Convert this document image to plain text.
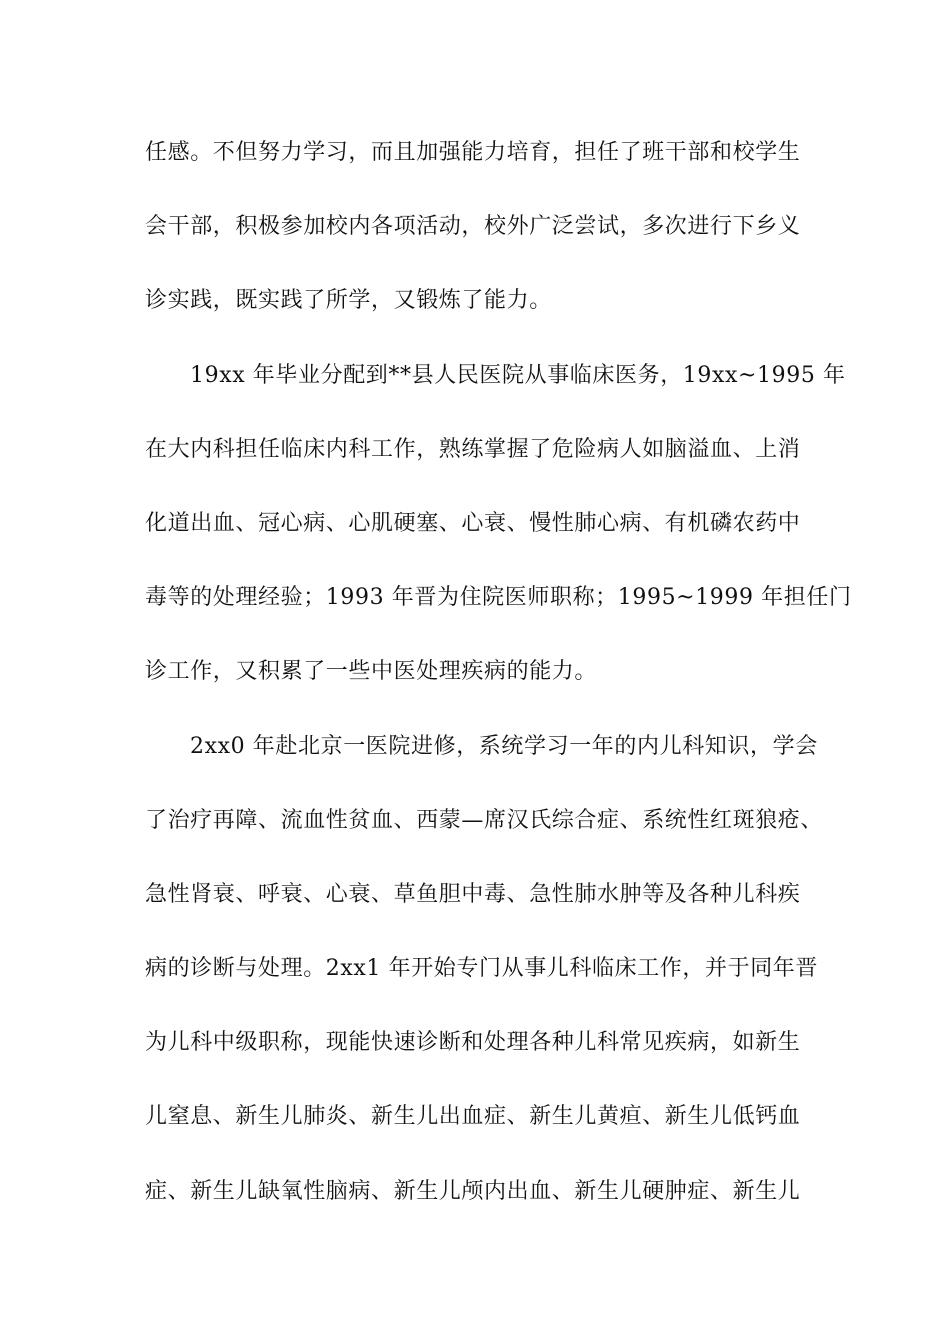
任感。不但努力学习，而且加强能力培育，担任了班干部和校学生
会干部，积极参加校内各项活动，校外广泛尝试，多次进行下乡义
诊实践，既实践了所学，又锻炼了能力。
19xx 年毕业分配到**县人民医院从事临床医务，19xx~1995 年
在大内科担任临床内科工作，熟练掌握了危险病人如脑溢血、上消
化道出血、冠心病、心肌硬塞、心衰、慢性肺心病、有机磷农药中
毒等的处理经验；1993 年晋为住院医师职称；1995~1999 年担任门
诊工作，又积累了一些中医处理疾病的能力。
2xx0 年赴北京一医院进修，系统学习一年的内儿科知识，学会
了治疗再障、流血性贫血、西蒙—席汉氏综合症、系统性红斑狼疮、
急性肾衰、呼衰、心衰、草鱼胆中毒、急性肺水肿等及各种儿科疾
病的诊断与处理。2xx1 年开始专门从事儿科临床工作，并于同年晋
为儿科中级职称，现能快速诊断和处理各种儿科常见疾病，如新生
儿窒息、新生儿肺炎、新生儿出血症、新生儿黄疸、新生儿低钙血
症、新生儿缺氧性脑病、新生儿颅内出血、新生儿硬肿症、新生儿
